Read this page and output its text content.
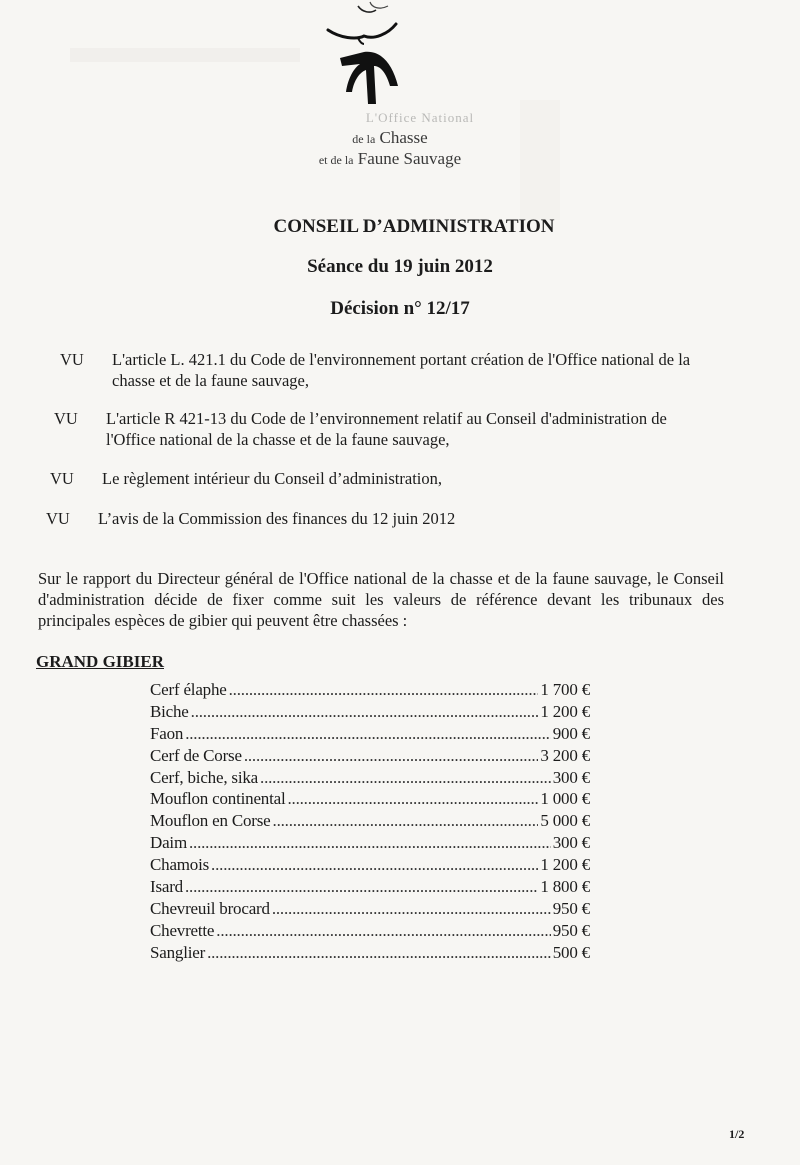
L'Office National
de la Chasse
et de la Faune Sauvage
CONSEIL D’ADMINISTRATION
Séance du 19 juin 2012
Décision n° 12/17
VU L'article L. 421.1 du Code de l'environnement portant création de l'Office national de la chasse et de la faune sauvage,
VU L'article R 421-13 du Code de l’environnement relatif au Conseil d'administration de l'Office national de la chasse et de la faune sauvage,
VU Le règlement intérieur du Conseil d’administration,
VU L’avis de la Commission des finances du 12 juin 2012
Sur le rapport du Directeur général de l'Office national de la chasse et de la faune sauvage, le Conseil d'administration décide de fixer comme suit les valeurs de référence devant les tribunaux des principales espèces de gibier qui peuvent être chassées :
GRAND GIBIER
Cerf élaphe .....	1 700 €
Biche .....	1 200 €
Faon .....	900 €
Cerf de Corse .....	3 200 €
Cerf, biche, sika .....	300 €
Mouflon continental .....	1 000 €
Mouflon en Corse .....	5 000 €
Daim .....	300 €
Chamois .....	1 200 €
Isard .....	1 800 €
Chevreuil brocard .....	950 €
Chevrette .....	950 €
Sanglier .....	500 €
1/2
